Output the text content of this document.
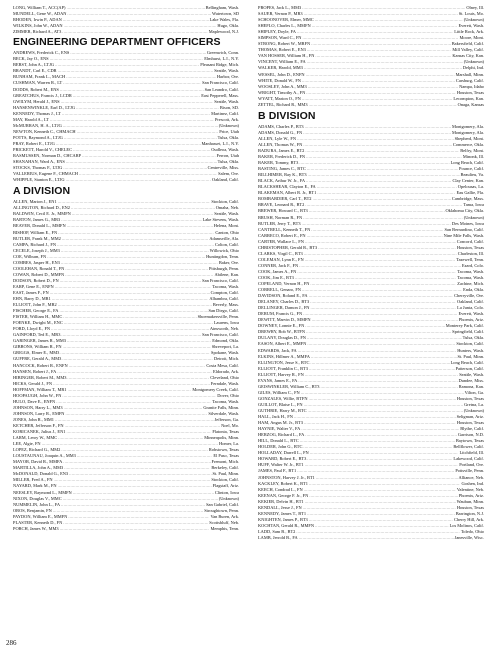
LONG, William T., ACC(AP) .....	Bellingham, Wash.
MUNDELL, Gene W., ADAN .....	Watertown, SD
RHODEN, Irwin P., ADAN .....	Lake Wales, Fla.
WILKINS, John W., ADAN .....	Hugo, Okla.
ZIMMER, Richard A., AT3 .....	Maplewood, N.J.
ENGINEERING DEPARTMENT OFFICERS
ANDREWS, Frederick C., ENS .....	Greenwich, Conn.
BECK, Jay O., ENS .....	Elmhurst, L.I., N.Y.
BERST, John A., LTJG .....	Pleasant Ridge, Mich.
BRANDT, Carl E., CDR .....	Seattle, Wash.
BUNHAM, Frank L., MACH .....	Harbor, Ore.
CUSHMAN, Warren R., LT .....	San Francisco, Calif.
DODDS, Robert M., ENS .....	San Leandro, Calif.
GREATCHUS, Francis J., LCDR .....	East Pepperell, Mass.
GWILYM, Herald J., ENS .....	Seattle, Wash.
HANSENWINKLE, Earl D., LTJG .....	Bison, SD.
KENNEDY, Thomas J., LT .....	Martinez, Calif.
MAY, Harold A., LT .....	Prescott, Ark.
McMURRAN, H. A., LTJG .....	(Unknown)
NEWTON, Kenneth C., CHMACH .....	Price, Utah
POTTS, Raymond A., LTJG .....	Tulsa, Okla.
PRAY, Robert E., LTJG .....	Manhasset, L.I., N.Y.
PRICKETT, Harold V., CHELEC .....	Oudleoa, Wash.
RASMUSSEN, Norman D., CHCARP .....	Ferron, Utah
SHANAHAN, Ward A., ENS .....	Tulsa, Okla.
STOCKS, Thomas F., LTJG .....	Centreville, Miss.
VALLERIUS, Eugene F., CHMACH .....	Salem, Ore.
WHIPPLE, Stanton E., LTJG .....	Oakland, Calif.
A DIVISION
ALLEN, Marion J., EN1 .....	Stockton, Calif.
ALLINGTON, Richard D., EN2 .....	Omaha, Neb.
BALDWIN, Cecil E. Jr., MMFN .....	Seattle, Wash.
BARTON, James G., MR3 .....	Lake Stevens, Wash.
BEAVER, Donald L., MMFN .....	Helena, Mont.
BISHOP, William E., FN .....	Canton, Ohio
BUTLER, Frank M., MM2 .....	Adamsville, Ala.
CAMPA, Richard J., FN .....	Colton, Calif.
CECELE, Joseph J., MM3 .....	Willowick, Ohio
COE, Wilburn, FN .....	Huntingdon, Tenn.
COMBES, Jasper H., EN3 .....	Baker, Ore.
COOLEHAN, Ronald T., FN .....	Pittsburgh, Penn.
COWAN, Robert D., MMFN .....	Abilene, Kan.
DODSON, Robert D., FN .....	San Francisco, Calif.
EARP, Gene E., ENFN .....	Tacoma, Wash.
EAST, James F., FN .....	Compton, Calif.
EHN, Barry D., MR1 .....	Alhambra, Calif.
ELLIOTT, John F., MR2 .....	Beverly, Mass.
FISCHER, George E., FA .....	San Diego, Calif.
FISTER, William H., MMC .....	Shoemakersville, Penn.
FOENKE, Dwight M., ENC .....	Laurens, Iowa
FORD, Lloyd E., FN .....	Ainsworth, Neb.
GAINFORD, Ted E., MR3 .....	San Francisco, Calif.
GARINGER, James R., MM3 .....	Edmond, Okla.
GIBBONS, William R., FN .....	Shreveport, La.
GRIGGS, Elmer E., MM3 .....	Spokane, Wash.
GUFFRE, Gerald A., MM3 .....	Detroit, Mich.
HANCOCK, Robert R., ENFN .....	Costa Mesa, Calif.
HANSEN, Robert J., FA .....	Eldorado, Ark.
HIBINGER, Robert M., MM3 .....	Cleveland, Ohio
HICKS, Gerald J., FN .....	Ferndale, Wash.
HOFFMAN, William T., MR1 .....	Montgomery Creek, Calif.
HOOPAUGH, John W., FN .....	Dover, Ohio
HULO, Dave E., ENFN .....	Tacoma, Wash.
JOHNSON, Harry L., MM3 .....	Granite Falls, Minn.
JOHNSON, Larry R., EMFN .....	Silverdale, Wash.
JONES, John R., MM1 .....	Jefferson, Ga.
KETCHER, Jefferson F., FN .....	Noel, Mo.
KORICANEK, Julius J., EN1 .....	Flatonia, Texas
LARM, Leroy W., MMC .....	Minneapolis, Minn.
LEE, Algie, FN .....	Homer, La.
LOPEZ, Richard G., MM2 .....	Robstown, Texas
LOUSTAUNAU, Joaquin A., MM3 .....	El Paso, Texas
MAYOR, David R., MMFA .....	Fremont, Mich.
MARTILLA, John A., MM3 .....	Berkeley, Calif.
McDONALD, Donald G., EN3 .....	St. Paul, Minn.
MILLER, Fred A., FN .....	Stockton, Calif.
NAYARD, Mark M., FN .....	Flagstaff, Ariz.
NEESLEY, Raymond L., MMFN .....	Clinton, Iowa
NIXON, Douglas V., MMC .....	(Unknown)
NUMMELIN, John L., FA .....	San Gabriel, Calif.
OROS, Benjamin, FN .....	Stroughtown, Penn.
PAYDON, William E., MMFN .....	Van Buren, Ark.
PLASTER, Kenneth D., FN .....	Scottsbluff, Neb.
PORCH, James W., MM3 .....	Memphis, Tenn.
PROPES, Jack L., MM3 .....	Olney, Ill.
SAUER, Vernon P., MR3 .....	St. Louis, Mo.
SCHOONOVER, Elmer, MMC .....	(Unknown)
SHEFLO, Charles L., MMFN .....	Everett, Wash.
SHIPLEY, Doyle, FA .....	Little Rock, Ark.
SIMPSON, Ward C., FN .....	Moore, Mont.
STRONG, Robert W., MRFN .....	Bakersfield, Calif.
THOMAS, Robert E., EN3 .....	Mill Valley, Calif.
VAN HOSSER, William H., FN .....	Kansas City, Kan.
VINCENT, William E., FA .....	(Unknown)
WALKER, Harold, MM3 .....	Delphi, Ind.
WESSEL, John D., ENFN .....	Marshall, Minn.
WHITE, Donald W., FN .....	Carsburg, Calif.
WOOSLEY, John A., MM3 .....	Nampa, Idaho
WRIGHT, Timothy A., FN .....	Houston, Texas
WYATT, Marion O., FN .....	Lecompton, Kan.
ZETTEL, Richard R., MM3 .....	Onaga, Kansas
B DIVISION
ADAMS, Charles P., BT3 .....	Montgomery, Ala.
ADAMS, Donald G., FN .....	Montgomery, Ala.
ALLEN, Lyle W., FN .....	Shepherd, Mont.
ALLEN, Thomas W., FN .....	Commerce, Okla.
BADURA, James E., BT2 .....	Belfry, Mont.
BAKER, Frederick D., FN .....	Minonk, Ill.
BAKER, Tommy, BT3 .....	Long Beach, Calif.
BASTING, James C., BTC .....	Pounce, Calif.
BILLHIMER, Ray K., BT3 .....	Beaulieu, Va.
BLACK, Arthur W. Jr., FA .....	Clay Center, Kan.
BLACKSHEAR, Clayton E., FA .....	Opelousas, La.
BLAKEMAN, Albert R. Jr., BT1 .....	Eau Gallie, Fla.
BOMBARDIER, Carl T., BT2 .....	Cambridge, Mass.
BRAVE, Leonard R., BT2 .....	Tama, Iowa
BREWER, Howard C., BT3 .....	Oklahoma City, Okla.
BRUSH, Norman R., FN .....	(Unknown)
BUTLER, Jerry T., BT3 .....	Des Moines, Iowa
CANTRELL, Kenneth T., FN .....	San Bernardino, Calif.
CARRECO, Robert E., FN .....	Nine Mile Falls, Wash.
CARTER, Wallace L., FN .....	Concord, Calif.
CHRISTOPHER, Gerald R., BT3 .....	Houston, Texas
CLARKS, Virgil C., BT3 .....	Charleston, Ill.
COLEMAN, Lynn E., FN .....	Tazewell, Tenn.
CONNER, Jack F., FN .....	Ezard, Colo.
COOK, James A., FN .....	Tacoma, Wash.
COOK, Jim E., BT3 .....	Tacoma, Wash.
COPELAND, Vernon H., FN .....	Zachine, Mich.
CORRELL, Genaro, FN .....	Enda, Okla.
DAVIDSON, Roland E., FA .....	Cherryville, Ore.
DELANEY, Charles D., BT3 .....	Oakland, Calif.
DELLINGER, Damon J., FN .....	La Junta, Colo.
DERUM, Francis G., FN .....	Everett, Wash.
DEWITT, Marvin D., MMFN .....	Phoenix, Ariz.
DOWNEY, Lonnie E., FN .....	Monterey Park, Calif.
DREWRY, Bob W., BTFN .....	Springfield, Calif.
DULANY, Douglas D., FN .....	Tulsa, Okla.
EASON, Albert E., MMFN .....	Stockton, Calif.
EDWARDS, Jack, FA .....	Hunters, Wash.
ELKINS, Hillmer A., MMFA .....	St. Paul, Minn.
ELLINGTON, Jesse S., BTC .....	Long Beach, Calif.
ELLIOTT, Franklin C., BT3 .....	Patterson, Calif.
ELLIOTT, Harvey R., FN .....	Seattle, Wash.
EVANS, James E., FA .....	Dundee, Miss.
GEISWINKLER, William C., BT3 .....	Ramona, Kan.
GILES, William C., FN .....	Vilton, Ga.
GONZALES, Willie, BTFN .....	Houston, Texas
GUILLOT, Blaise L., FN .....	Gretna, La.
GUTHRIE, Harry M., BTC .....	(Unknown)
HALL, Jack H., FN .....	Seligman, Ariz.
HAM, Angus M. Jr., BT3 .....	Houston, Texas
HAYNIE, Walter V., FA .....	Blythe, Calif.
HERZOG, Richard L., FA .....	Garrison, N.D.
HILL, Donald L., BTC .....	Baytown, Texas
HOLDER, John G., BTC .....	Bellflower, Calif.
HOLLADAY, Darrell L., FN .....	Litchfield, Ill.
HOWARD, Robert E., BT3 .....	Lakewood, Calif.
HUFF, Walter W. Jr., BT1 .....	Portland, Ore.
JAMES, Paul F., BT1 .....	Pottsville, Penn.
JOHNSTON, Harvey J. Jr., BT1 .....	Alliance, Neb.
KACKLEY, Robert K., BT1 .....	Goshen, Ind.
KEECH, Condrad L., FN .....	Valentine, Neb.
KEENAN, George F. Jr., FN .....	Phoenix, Ariz.
KEKIER, Delvin H., BT1 .....	Waubun, Minn.
KENDALL, Jesse J., FN .....	Houston, Texas
KENNEDY, James T., BT1 .....	Barrington, N.J.
KNIGHTEN, James P., BT3 .....	Cherry Hill, Ark.
KOCHTAN, Gerald R., MMFN .....	Los Molinos, Calif.
LADD, Sam B., BT2 .....	Toledo, Ohio
LAMB, Jerrold B., FA .....	Janesville, Wisc.
286
